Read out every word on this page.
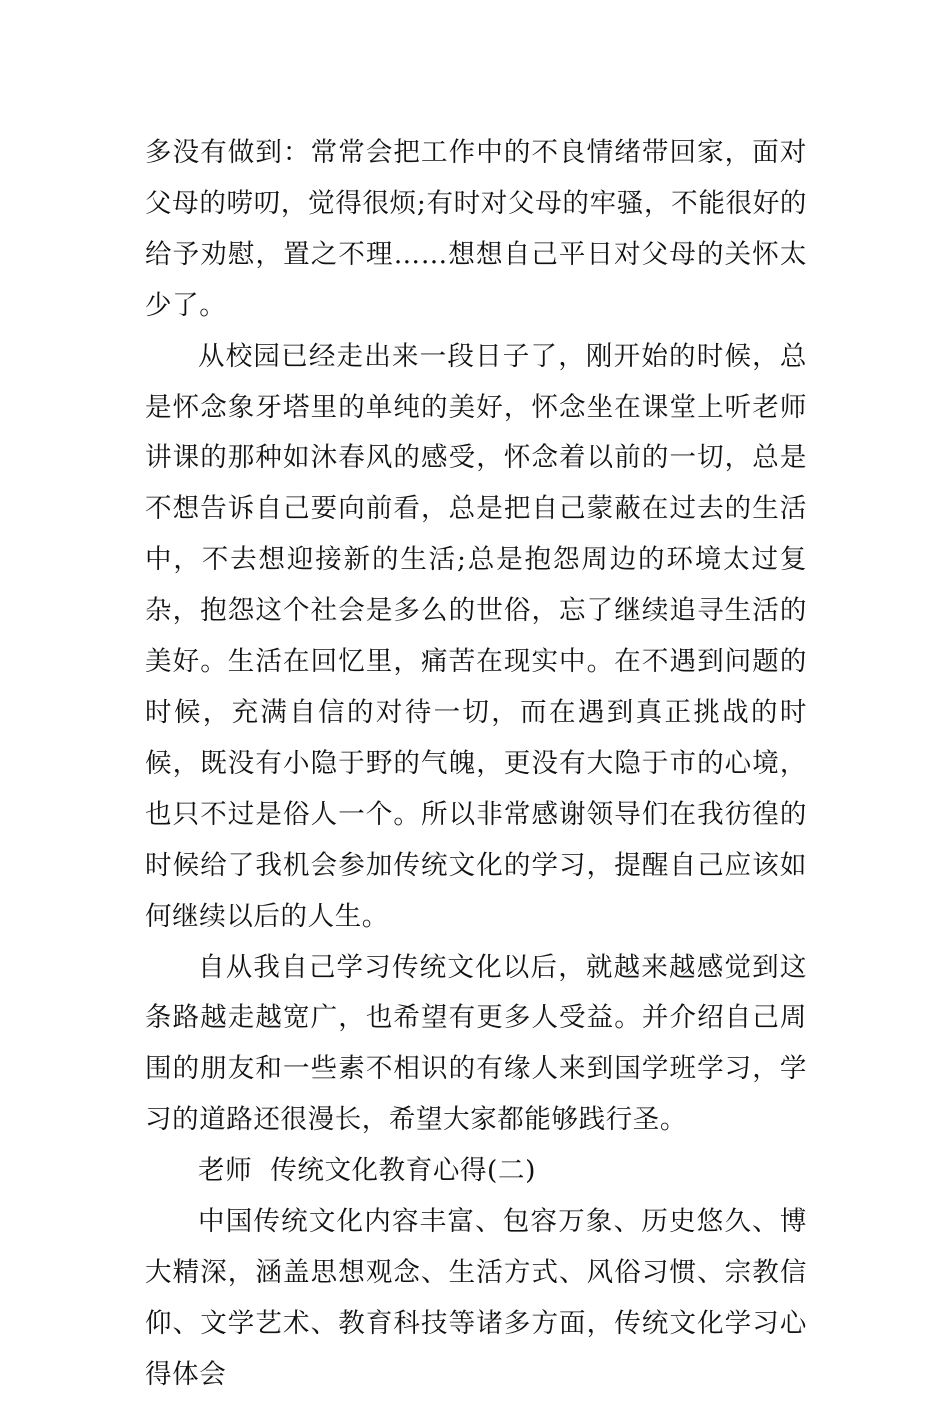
多没有做到：常常会把工作中的不良情绪带回家，面对父母的唠叨，觉得很烦;有时对父母的牢骚，不能很好的给予劝慰，置之不理……想想自己平日对父母的关怀太少了。

从校园已经走出来一段日子了，刚开始的时候，总是怀念象牙塔里的单纯的美好，怀念坐在课堂上听老师讲课的那种如沐春风的感受，怀念着以前的一切，总是不想告诉自己要向前看，总是把自己蒙蔽在过去的生活中，不去想迎接新的生活;总是抱怨周边的环境太过复杂，抱怨这个社会是多么的世俗，忘了继续追寻生活的美好。生活在回忆里，痛苦在现实中。在不遇到问题的时候，充满自信的对待一切，而在遇到真正挑战的时候，既没有小隐于野的气魄，更没有大隐于市的心境，也只不过是俗人一个。所以非常感谢领导们在我彷徨的时候给了我机会参加传统文化的学习，提醒自己应该如何继续以后的人生。

自从我自己学习传统文化以后，就越来越感觉到这条路越走越宽广，也希望有更多人受益。并介绍自己周围的朋友和一些素不相识的有缘人来到国学班学习，学习的道路还很漫长，希望大家都能够践行圣。

老师  传统文化教育心得(二)

中国传统文化内容丰富、包容万象、历史悠久、博大精深，涵盖思想观念、生活方式、风俗习惯、宗教信仰、文学艺术、教育科技等诸多方面，传统文化学习心得体会
